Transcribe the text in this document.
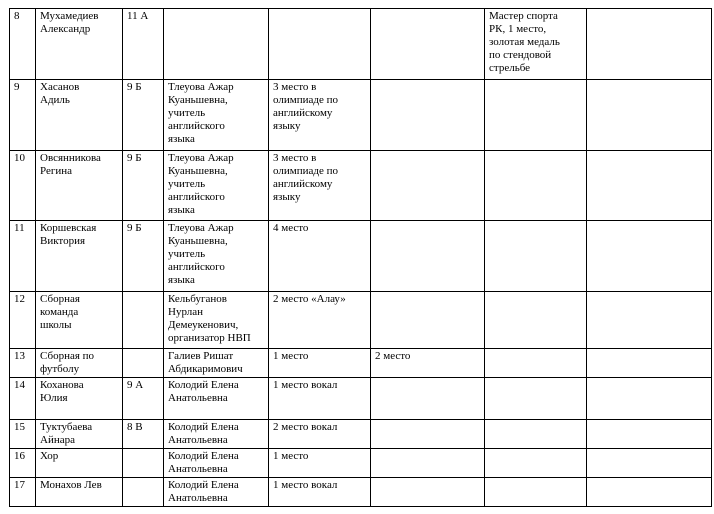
8	Мухамедиев
Александр	11 А				Мастер спорта
РК, 1 место,
золотая медаль
по стендовой
стрельбе	

9	Хасанов
Адиль	9 Б	Тлеуова Ажар
Куаньшевна,
учитель
английского
языка	3 место в
олимпиаде по
английскому
языку			

10	Овсянникова
Регина	9 Б	Тлеуова Ажар
Куаньшевна,
учитель
английского
языка	3 место в
олимпиаде по
английскому
языку			

11	Коршевская
Виктория	9 Б	Тлеуова Ажар
Куаньшевна,
учитель
английского
языка	4 место			

12	Сборная
команда
школы		Кельбуганов
Нурлан
Демеукенович,
организатор НВП	2 место «Алау»			

13	Сборная по
футболу		Галиев Ришат
Абдикаримович	1 место	2 место		

14	Коханова
Юлия	9 А	Колодий Елена
Анатольевна	1 место вокал			

15	Туктубаева
Айнара	8 В	Колодий Елена
Анатольевна	2 место вокал			

16	Хор		Колодий Елена
Анатольевна	1 место			

17	Монахов Лев		Колодий Елена
Анатольевна	1 место вокал			
